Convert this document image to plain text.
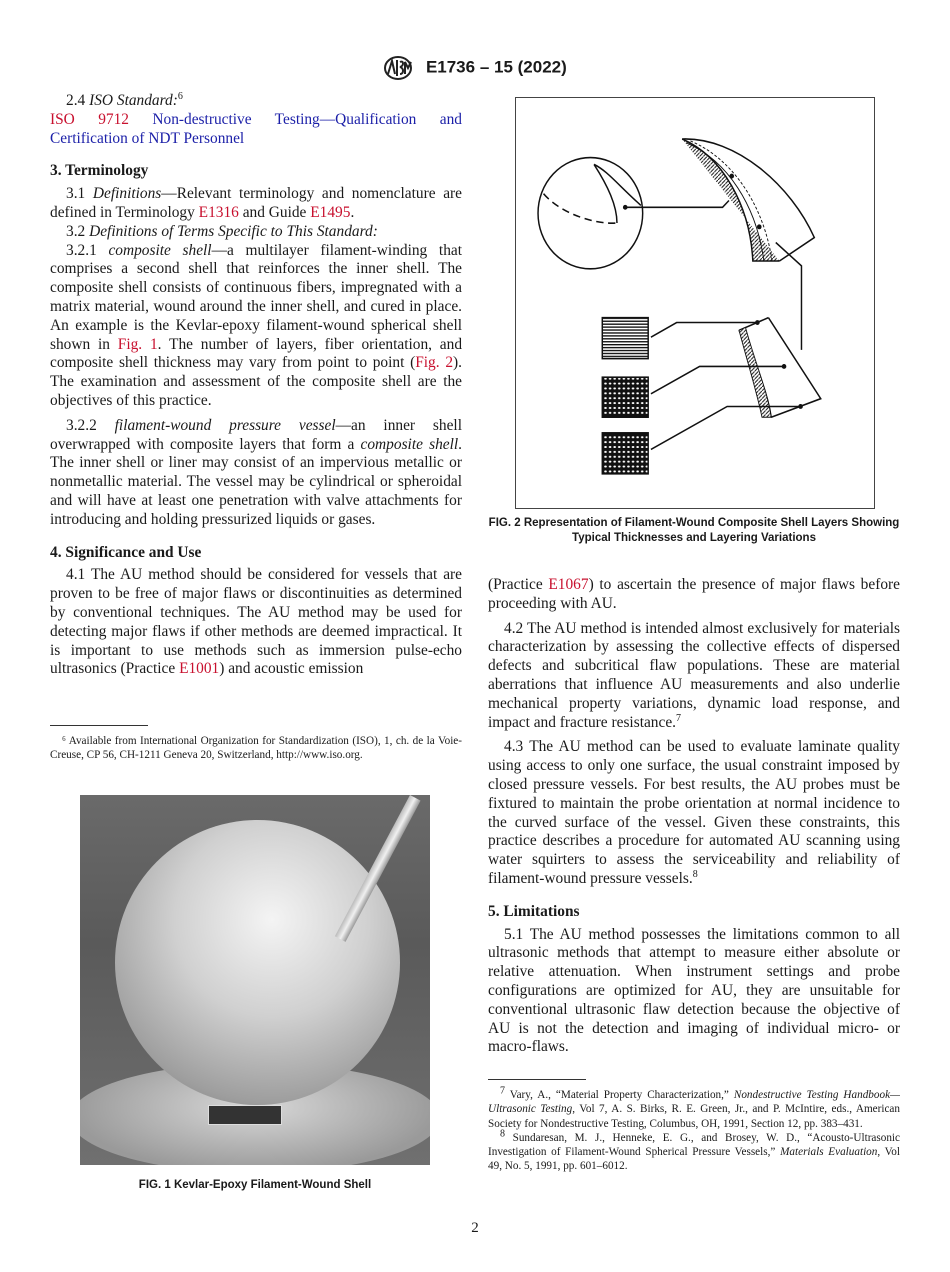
E1736 – 15 (2022)

2.4 ISO Standard:$^6$

ISO 9712 Non-destructive Testing—Qualification and Certification of NDT Personnel

3. Terminology

3.1 Definitions—Relevant terminology and nomenclature are defined in Terminology E1316 and Guide E1495.

3.2 Definitions of Terms Specific to This Standard:

3.2.1 composite shell—a multilayer filament-winding that comprises a second shell that reinforces the inner shell. The composite shell consists of continuous fibers, impregnated with a matrix material, wound around the inner shell, and cured in place. An example is the Kevlar-epoxy filament-wound spherical shell shown in Fig. 1. The number of layers, fiber orientation, and composite shell thickness may vary from point to point (Fig. 2). The examination and assessment of the composite shell are the objectives of this practice.

3.2.2 filament-wound pressure vessel—an inner shell overwrapped with composite layers that form a composite shell. The inner shell or liner may consist of an impervious metallic or nonmetallic material. The vessel may be cylindrical or spheroidal and will have at least one penetration with valve attachments for introducing and holding pressurized liquids or gases.

4. Significance and Use

4.1 The AU method should be considered for vessels that are proven to be free of major flaws or discontinuities as determined by conventional techniques. The AU method may be used for detecting major flaws if other methods are deemed impractical. It is important to use methods such as immersion pulse-echo ultrasonics (Practice E1001) and acoustic emission

⁶ Available from International Organization for Standardization (ISO), 1, ch. de la Voie-Creuse, CP 56, CH-1211 Geneva 20, Switzerland, http://www.iso.org.

FIG. 1 Kevlar-Epoxy Filament-Wound Shell
FIG. 2 Representation of Filament-Wound Composite Shell Layers Showing Typical Thicknesses and Layering Variations

(Practice E1067) to ascertain the presence of major flaws before proceeding with AU.

4.2 The AU method is intended almost exclusively for materials characterization by assessing the collective effects of dispersed defects and subcritical flaw populations. These are material aberrations that influence AU measurements and also underlie mechanical property variations, dynamic load response, and impact and fracture resistance.$^7$

4.3 The AU method can be used to evaluate laminate quality using access to only one surface, the usual constraint imposed by closed pressure vessels. For best results, the AU probes must be fixtured to maintain the probe orientation at normal incidence to the curved surface of the vessel. Given these constraints, this practice describes a procedure for automated AU scanning using water squirters to assess the serviceability and reliability of filament-wound pressure vessels.$^8$

5. Limitations

5.1 The AU method possesses the limitations common to all ultrasonic methods that attempt to measure either absolute or relative attenuation. When instrument settings and probe configurations are optimized for AU, they are unsuitable for conventional ultrasonic flaw detection because the objective of AU is not the detection and imaging of individual micro- or macro-flaws.

$^7$ Vary, A., “Material Property Characterization,” Nondestructive Testing Handbook—Ultrasonic Testing, Vol 7, A. S. Birks, R. E. Green, Jr., and P. McIntire, eds., American Society for Nondestructive Testing, Columbus, OH, 1991, Section 12, pp. 383–431.

$^8$ Sundaresan, M. J., Henneke, E. G., and Brosey, W. D., “Acousto-Ultrasonic Investigation of Filament-Wound Spherical Pressure Vessels,” Materials Evaluation, Vol 49, No. 5, 1991, pp. 601–6012.

2
